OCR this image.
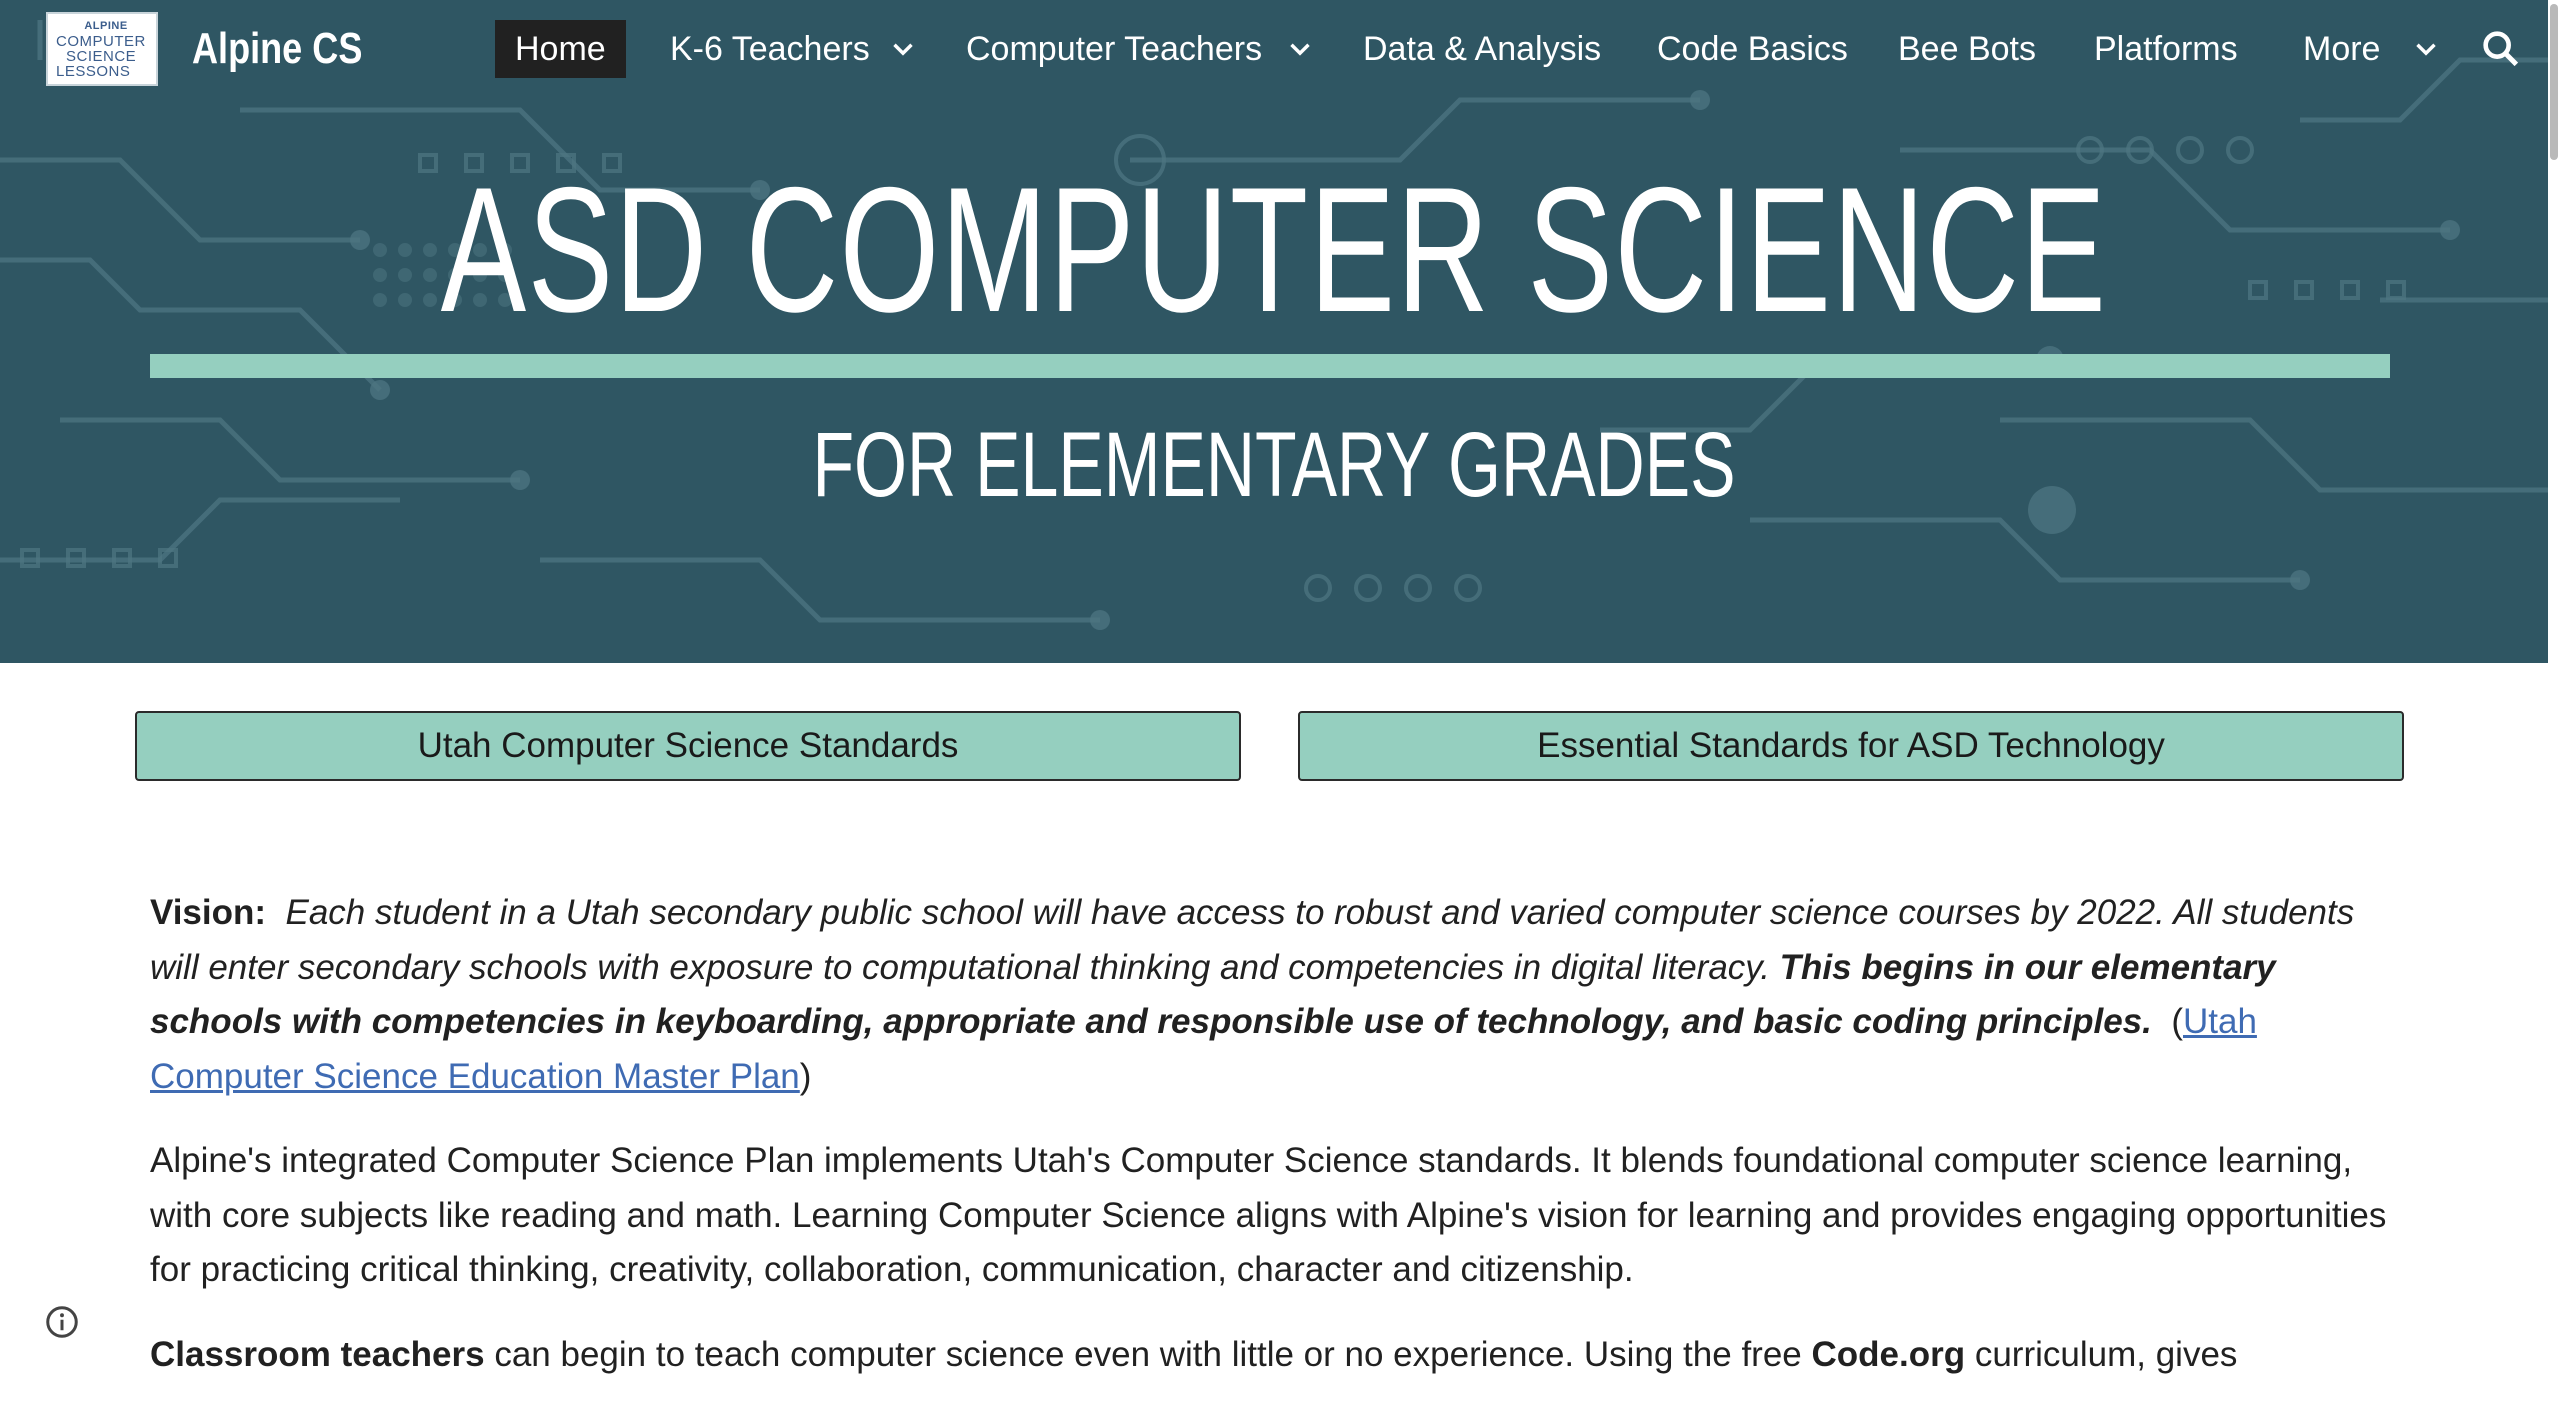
ALPINE
COMPUTER
SCIENCE
LESSONS	Alpine CS	Home	K-6 Teachers	Computer Teachers	Data & Analysis Code Basics Bee Bots Platforms More
ASD COMPUTER SCIENCE
FOR ELEMENTARY GRADES
Utah Computer Science Standards	Essential Standards for ASD Technology

Vision: Each student in a Utah secondary public school will have access to robust and varied computer science courses by 2022. All students will enter secondary schools with exposure to computational thinking and competencies in digital literacy. This begins in our elementary schools with competencies in keyboarding, appropriate and responsible use of technology, and basic coding principles.  (Utah Computer Science Education Master Plan)

Alpine's integrated Computer Science Plan implements Utah's Computer Science standards. It blends foundational computer science learning, with core subjects like reading and math. Learning Computer Science aligns with Alpine's vision for learning and provides engaging opportunities for practicing critical thinking, creativity, collaboration, communication, character and citizenship.

Classroom teachers can begin to teach computer science even with little or no experience. Using the free Code.org curriculum, gives
